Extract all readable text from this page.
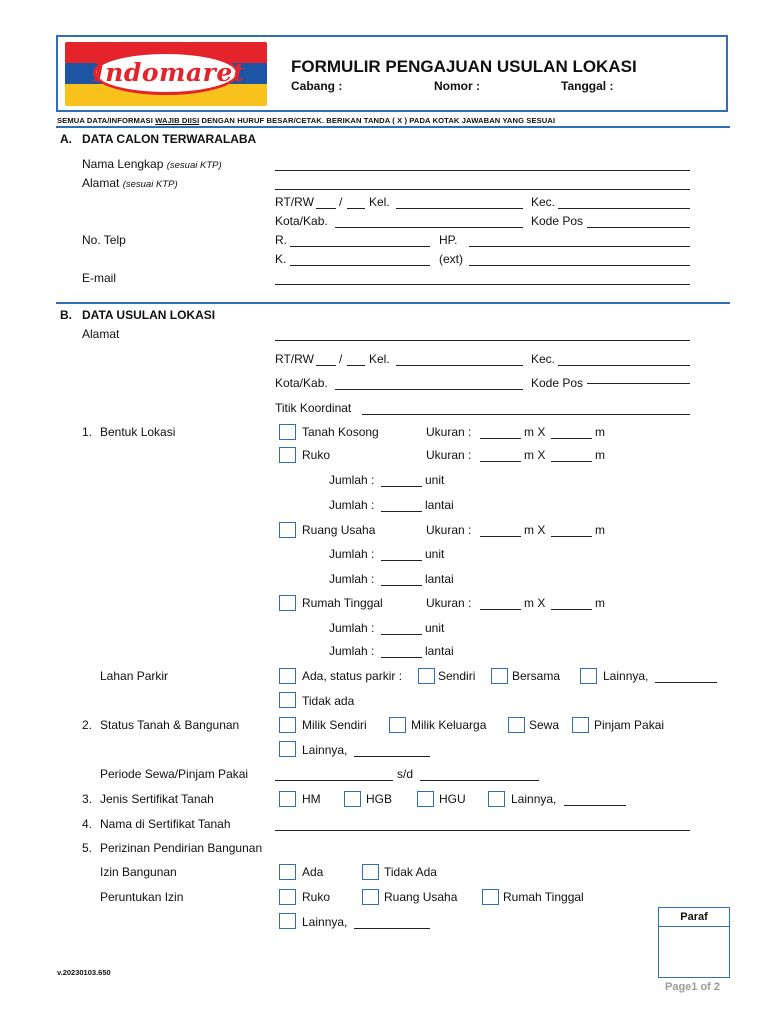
Indomaret	FORMULIR PENGAJUAN USULAN LOKASI
Cabang :	Nomor :	Tanggal :
SEMUA DATA/INFORMASI WAJIB DIISI DENGAN HURUF BESAR/CETAK. BERIKAN TANDA ( X ) PADA KOTAK JAWABAN YANG SESUAI
A. DATA CALON TERWARALABA
Nama Lengkap (sesuai KTP)
Alamat (sesuai KTP)
RT/RW / Kel.	Kec.
Kota/Kab.	Kode Pos
No. Telp	R.	HP.
K.	(ext)
E-mail
B. DATA USULAN LOKASI
Alamat
RT/RW / Kel.	Kec.
Kota/Kab.	Kode Pos
Titik Koordinat
1. Bentuk Lokasi	Tanah Kosong	Ukuran :	m X	m
Ruko	Ukuran :	m X	m
Jumlah :	unit
Jumlah :	lantai
Ruang Usaha	Ukuran :	m X	m
Jumlah :	unit
Jumlah :	lantai
Rumah Tinggal	Ukuran :	m X	m
Jumlah :	unit
Jumlah :	lantai
Lahan Parkir	Ada, status parkir :	Sendiri	Bersama	Lainnya,
Tidak ada
2. Status Tanah & Bangunan	Milik Sendiri	Milik Keluarga	Sewa	Pinjam Pakai
Lainnya,
Periode Sewa/Pinjam Pakai	s/d
3. Jenis Sertifikat Tanah	HM	HGB	HGU	Lainnya,
4. Nama di Sertifikat Tanah
5. Perizinan Pendirian Bangunan
Izin Bangunan	Ada	Tidak Ada
Peruntukan Izin	Ruko	Ruang Usaha	Rumah Tinggal
Lainnya,	Paraf
v.20230103.650
Page1 of 2
